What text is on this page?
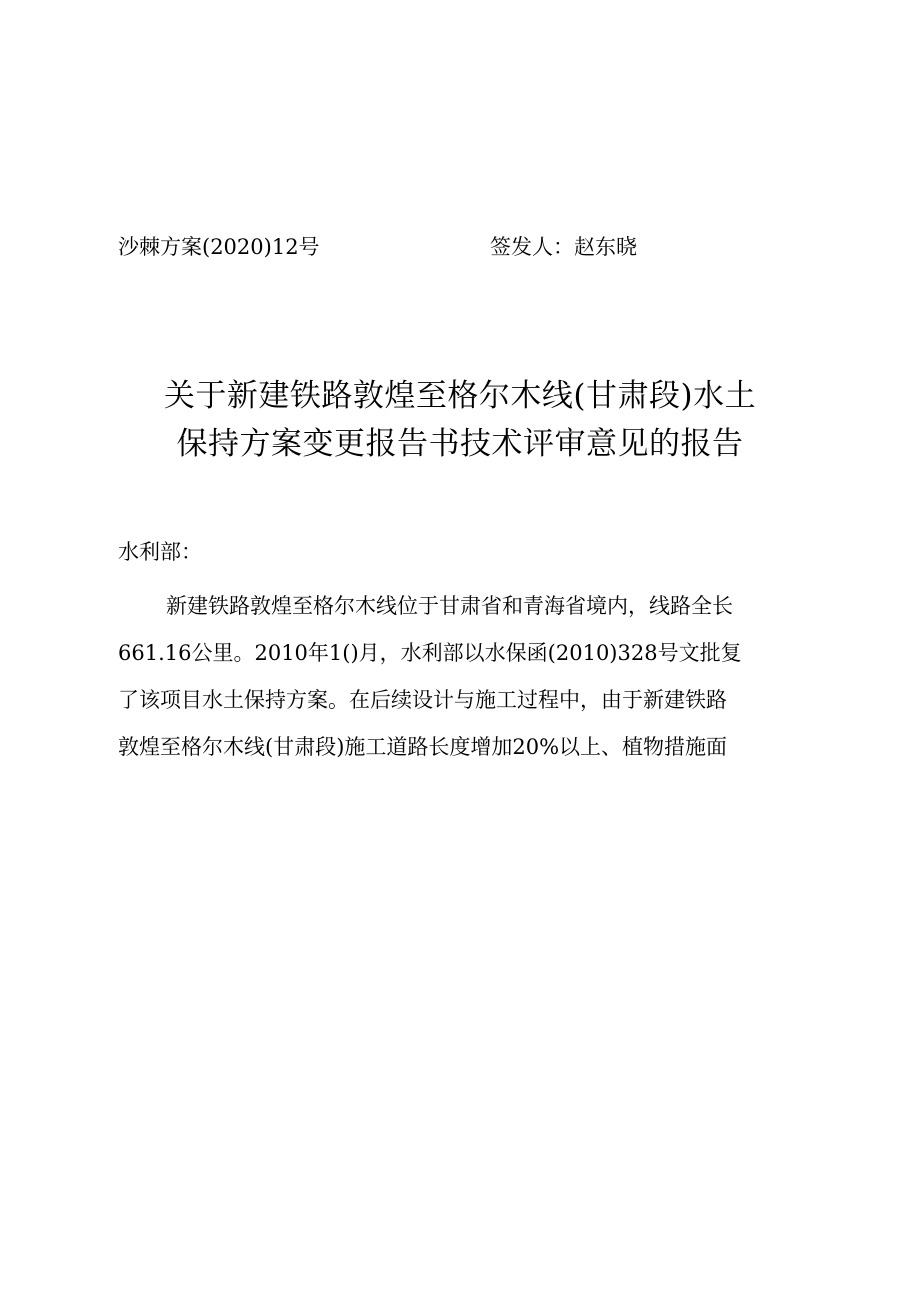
沙棘方案(2020)12号	签发人：赵东晓
关于新建铁路敦煌至格尔木线(甘肃段)水土
保持方案变更报告书技术评审意见的报告
水利部：
新建铁路敦煌至格尔木线位于甘肃省和青海省境内，线路全长
661.16公里。2010年1()月，水利部以水保函(2010)328号文批复
了该项目水土保持方案。在后续设计与施工过程中，由于新建铁路
敦煌至格尔木线(甘肃段)施工道路长度增加20%以上、植物措施面
